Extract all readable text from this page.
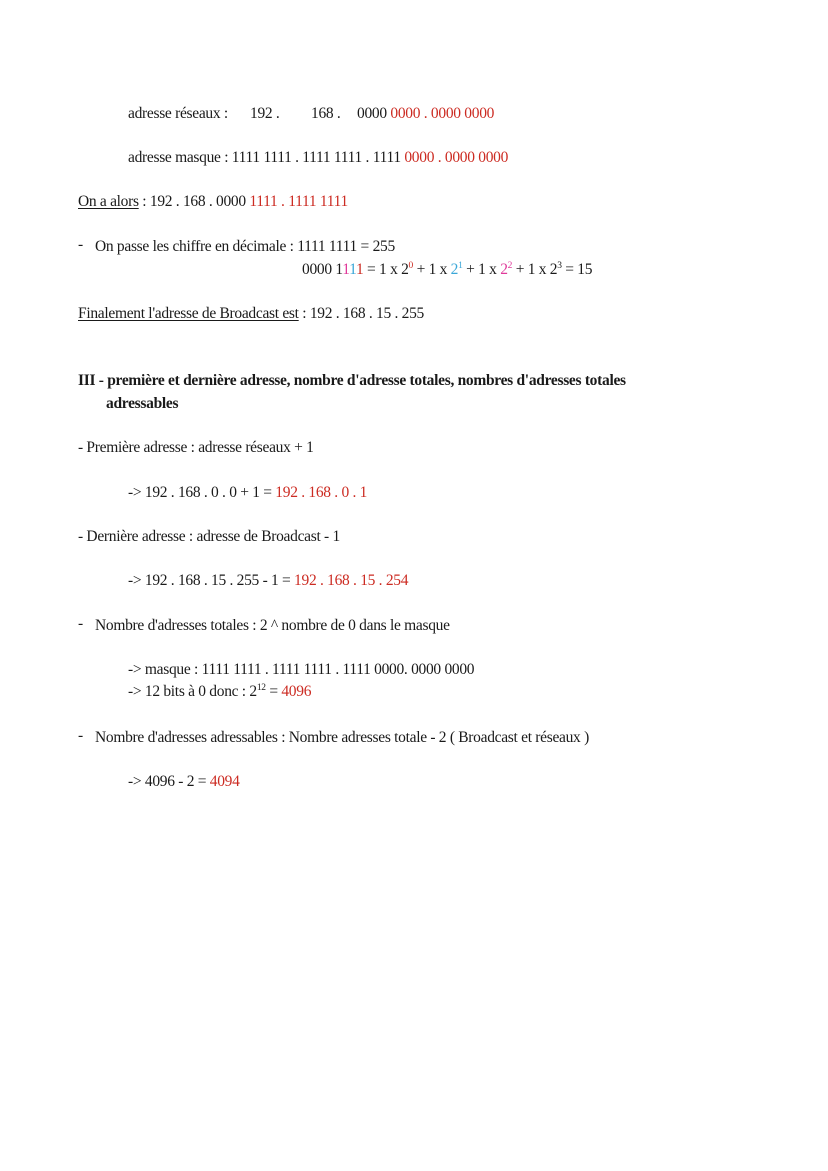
adresse réseaux : 192 . 168 . 0000 0000 . 0000 0000
adresse masque : 1111 1111 . 1111 1111 . 1111 0000 . 0000 0000
On a alors : 192 . 168 . 0000 1111 . 1111 1111
- On passe les chiffre en décimale : 1111 1111 = 255
0000 1111 = 1 x $2^0 + 1$ x $2^1 + 1$ x $2^2 + 1$ x $2^3 = 15$
Finalement l'adresse de Broadcast est : 192 . 168 . 15 . 255
III - première et dernière adresse, nombre d'adresse totales, nombres d'adresses totales
adressables
- Première adresse : adresse réseaux + 1
-> 192 . 168 . 0 . 0 + 1 = 192 . 168 . 0 . 1
- Dernière adresse : adresse de Broadcast - 1
-> 192 . 168 . 15 . 255 - 1 = 192 . 168 . 15 . 254
- Nombre d'adresses totales : 2 ^ nombre de 0 dans le masque
-> masque : 1111 1111 . 1111 1111 . 1111 0000. 0000 0000
-> 12 bits à 0 donc : $2^{12} = 4096$
- Nombre d'adresses adressables : Nombre adresses totale - 2 ( Broadcast et réseaux )
-> 4096 - 2 = 4094
